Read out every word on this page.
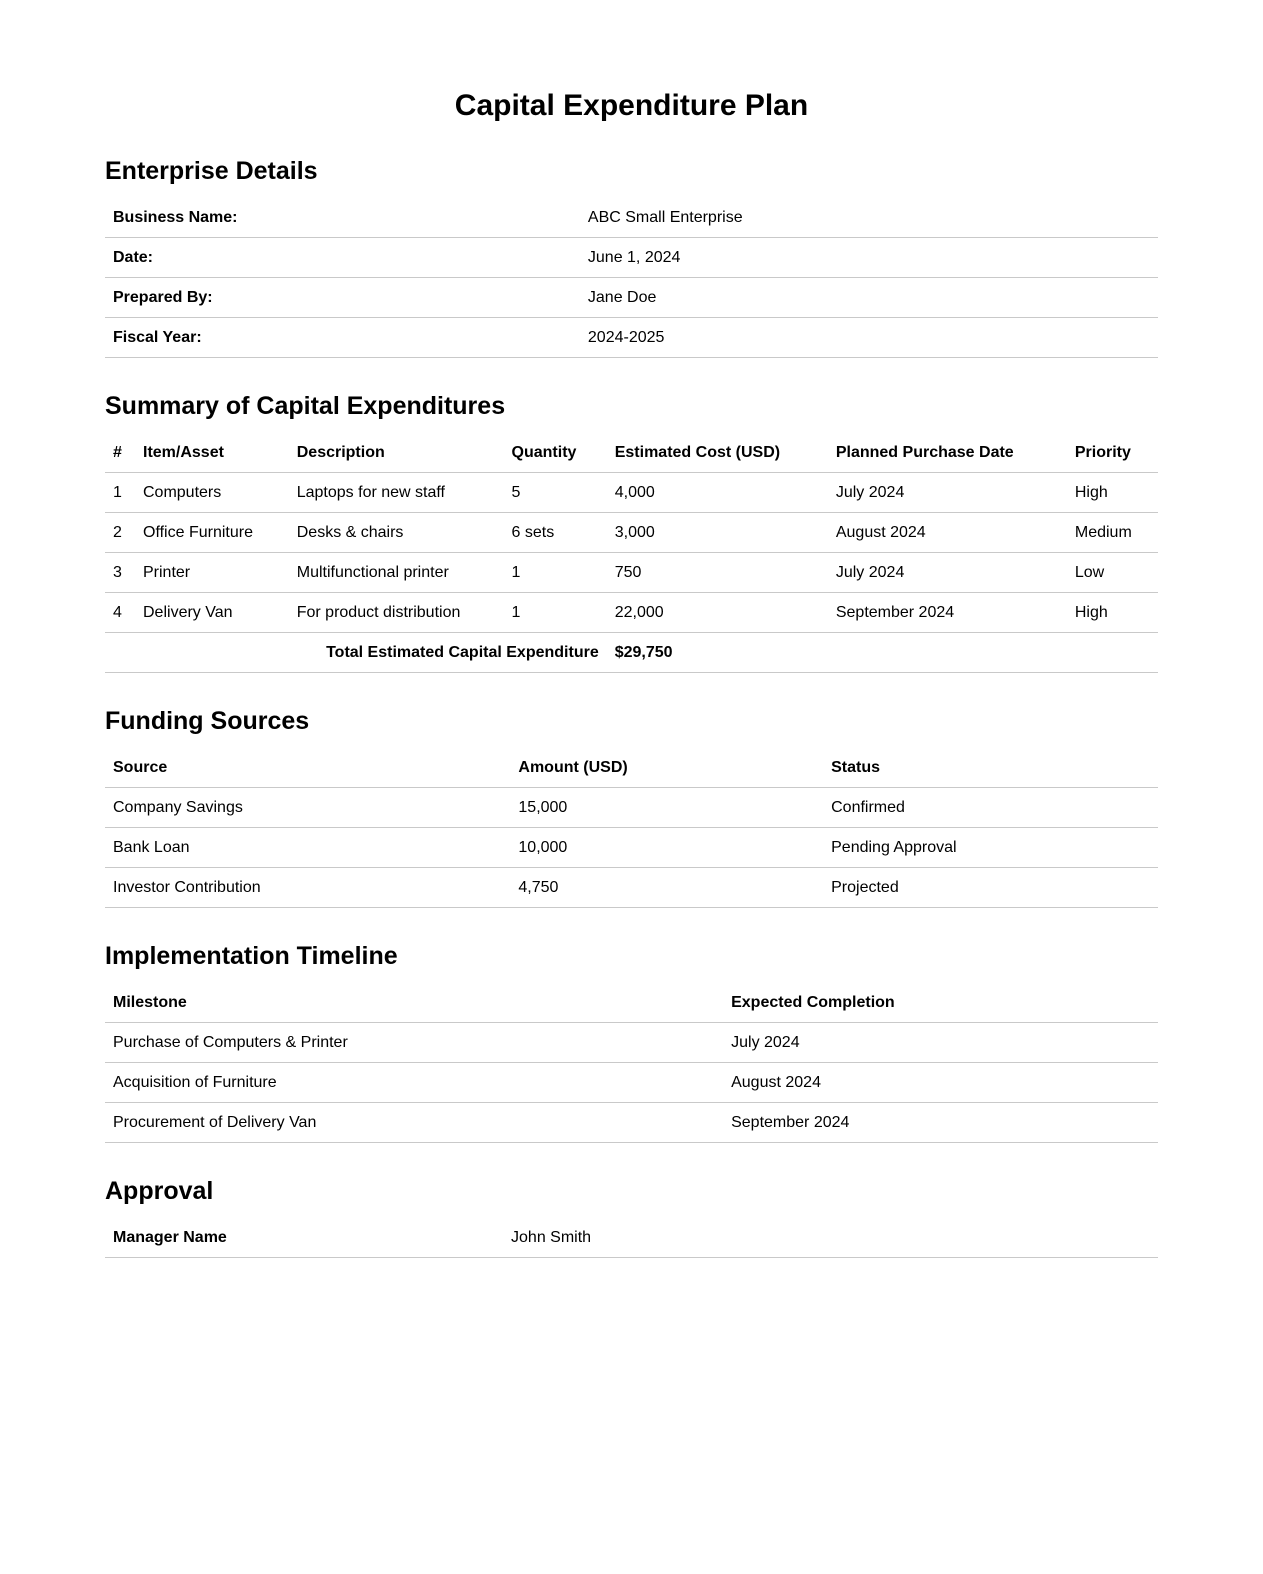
Capital Expenditure Plan
Enterprise Details
Business Name:	ABC Small Enterprise
Date:	June 1, 2024
Prepared By:	Jane Doe
Fiscal Year:	2024-2025
Summary of Capital Expenditures
#	Item/Asset	Description	Quantity	Estimated Cost (USD)	Planned Purchase Date	Priority
1	Computers	Laptops for new staff	5	4,000	July 2024	High
2	Office Furniture	Desks & chairs	6 sets	3,000	August 2024	Medium
3	Printer	Multifunctional printer	1	750	July 2024	Low
4	Delivery Van	For product distribution	1	22,000	September 2024	High
Total Estimated Capital Expenditure				$29,750		
Funding Sources
Source	Amount (USD)	Status
Company Savings	15,000	Confirmed
Bank Loan	10,000	Pending Approval
Investor Contribution	4,750	Projected
Implementation Timeline
Milestone	Expected Completion
Purchase of Computers & Printer	July 2024
Acquisition of Furniture	August 2024
Procurement of Delivery Van	September 2024
Approval
Manager Name	John Smith
